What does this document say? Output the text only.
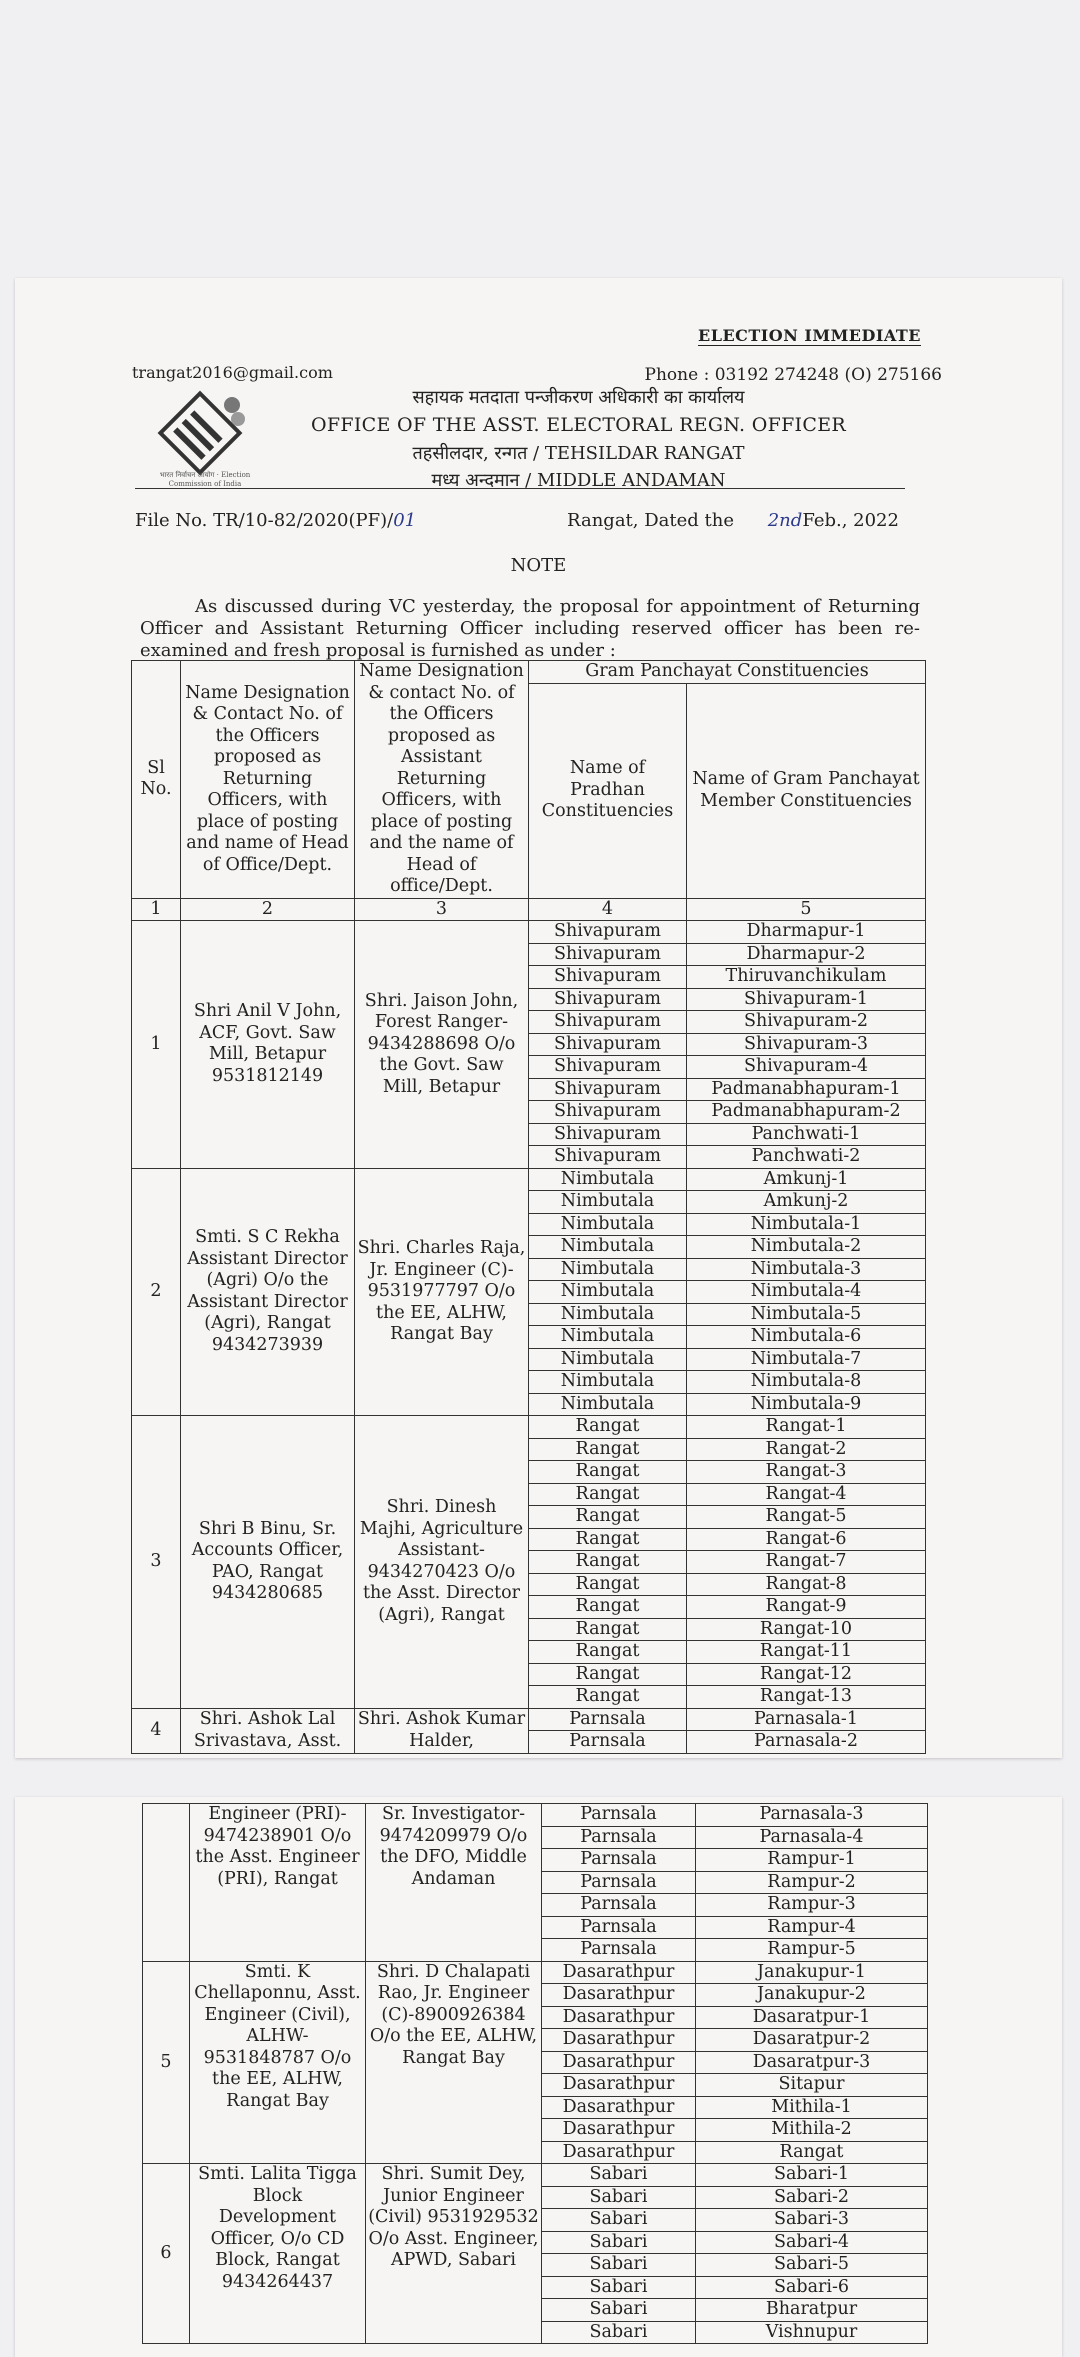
ELECTION IMMEDIATE
trangat2016@gmail.com	Phone : 03192 274248 (O) 275166
भारत निर्वाचन आयोग · Election Commission of India
सहायक मतदाता पन्जीकरण अधिकारी का कार्यालय
OFFICE OF THE ASST. ELECTORAL REGN. OFFICER
तहसीलदार, रन्गत / TEHSILDAR RANGAT
मध्य अन्दमान / MIDDLE ANDAMAN
File No. TR/10-82/2020(PF)/01	Rangat, Dated the 2ndFeb., 2022
NOTE
As discussed during VC yesterday, the proposal for appointment of Returning Officer and Assistant Returning Officer including reserved officer has been re-examined and fresh proposal is furnished as under :
Sl No.	Name Designation & Contact No. of the Officers proposed as Returning Officers, with place of posting and name of Head of Office/Dept.	Name Designation & contact No. of the Officers proposed as Assistant Returning Officers, with place of posting and the name of Head of office/Dept.	Gram Panchayat Constituencies	
			Name of Pradhan Constituencies	Name of Gram Panchayat Member Constituencies
1	2	3	4	5
1	Shri Anil V John, ACF, Govt. Saw Mill, Betapur 9531812149	Shri. Jaison John, Forest Ranger- 9434288698 O/o the Govt. Saw Mill, Betapur	Shivapuram	Dharmapur-1
			Shivapuram	Dharmapur-2
			Shivapuram	Thiruvanchikulam
			Shivapuram	Shivapuram-1
			Shivapuram	Shivapuram-2
			Shivapuram	Shivapuram-3
			Shivapuram	Shivapuram-4
			Shivapuram	Padmanabhapuram-1
			Shivapuram	Padmanabhapuram-2
			Shivapuram	Panchwati-1
			Shivapuram	Panchwati-2
2	Smti. S C Rekha Assistant Director (Agri) O/o the Assistant Director (Agri), Rangat 9434273939	Shri. Charles Raja, Jr. Engineer (C)- 9531977797 O/o the EE, ALHW, Rangat Bay	Nimbutala	Amkunj-1
			Nimbutala	Amkunj-2
			Nimbutala	Nimbutala-1
			Nimbutala	Nimbutala-2
			Nimbutala	Nimbutala-3
			Nimbutala	Nimbutala-4
			Nimbutala	Nimbutala-5
			Nimbutala	Nimbutala-6
			Nimbutala	Nimbutala-7
			Nimbutala	Nimbutala-8
			Nimbutala	Nimbutala-9
3	Shri B Binu, Sr. Accounts Officer, PAO, Rangat 9434280685	Shri. Dinesh Majhi, Agriculture Assistant- 9434270423 O/o the Asst. Director (Agri), Rangat	Rangat	Rangat-1
			Rangat	Rangat-2
			Rangat	Rangat-3
			Rangat	Rangat-4
			Rangat	Rangat-5
			Rangat	Rangat-6
			Rangat	Rangat-7
			Rangat	Rangat-8
			Rangat	Rangat-9
			Rangat	Rangat-10
			Rangat	Rangat-11
			Rangat	Rangat-12
			Rangat	Rangat-13
4	Shri. Ashok Lal Srivastava, Asst.	Shri. Ashok Kumar Halder,	Parnsala	Parnasala-1
			Parnsala	Parnasala-2
	Engineer (PRI)- 9474238901 O/o the Asst. Engineer (PRI), Rangat	Sr. Investigator- 9474209979 O/o the DFO, Middle Andaman	Parnsala	Parnasala-3
			Parnsala	Parnasala-4
			Parnsala	Rampur-1
			Parnsala	Rampur-2
			Parnsala	Rampur-3
			Parnsala	Rampur-4
			Parnsala	Rampur-5
5	Smti. K Chellaponnu, Asst. Engineer (Civil), ALHW- 9531848787 O/o the EE, ALHW, Rangat Bay	Shri. D Chalapati Rao, Jr. Engineer (C)-8900926384 O/o the EE, ALHW, Rangat Bay	Dasarathpur	Janakupur-1
			Dasarathpur	Janakupur-2
			Dasarathpur	Dasaratpur-1
			Dasarathpur	Dasaratpur-2
			Dasarathpur	Dasaratpur-3
			Dasarathpur	Sitapur
			Dasarathpur	Mithila-1
			Dasarathpur	Mithila-2
			Dasarathpur	Rangat
6	Smti. Lalita Tigga Block Development Officer, O/o CD Block, Rangat 9434264437	Shri. Sumit Dey, Junior Engineer (Civil) 9531929532 O/o Asst. Engineer, APWD, Sabari	Sabari	Sabari-1
			Sabari	Sabari-2
			Sabari	Sabari-3
			Sabari	Sabari-4
			Sabari	Sabari-5
			Sabari	Sabari-6
			Sabari	Bharatpur
			Sabari	Vishnupur
